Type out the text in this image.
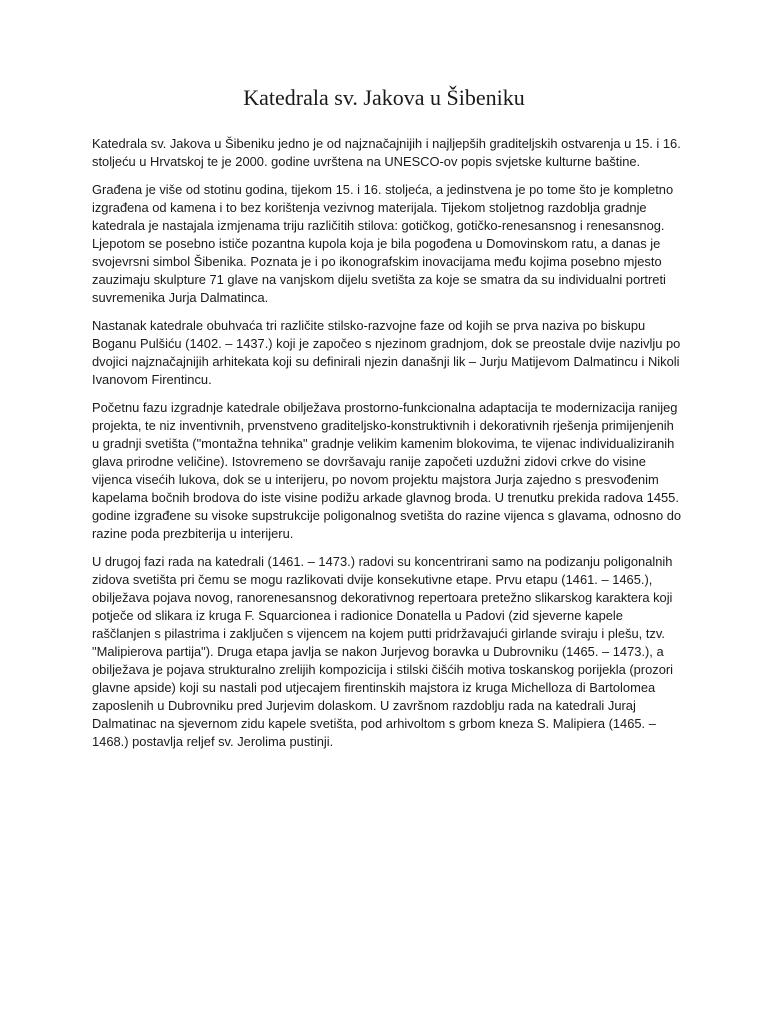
Katedrala sv. Jakova u Šibeniku

Katedrala sv. Jakova u Šibeniku jedno je od najznačajnijih i najljepših graditeljskih ostvarenja u 15. i 16. stoljeću u Hrvatskoj te je 2000. godine uvrštena na UNESCO-ov popis svjetske kulturne baštine.

Građena je više od stotinu godina, tijekom 15. i 16. stoljeća, a jedinstvena je po tome što je kompletno izgrađena od kamena i to bez korištenja vezivnog materijala. Tijekom stoljetnog razdoblja gradnje katedrala je nastajala izmjenama triju različitih stilova: gotičkog, gotičko-renesansnog i renesansnog. Ljepotom se posebno ističe pozantna kupola koja je bila pogođena u Domovinskom ratu, a danas je svojevrsni simbol Šibenika. Poznata je i po ikonografskim inovacijama među kojima posebno mjesto zauzimaju skulpture 71 glave na vanjskom dijelu svetišta za koje se smatra da su individualni portreti suvremenika Jurja Dalmatinca.

Nastanak katedrale obuhvaća tri različite stilsko-razvojne faze od kojih se prva naziva po biskupu Boganu Pulšiću (1402. – 1437.) koji je započeo s njezinom gradnjom, dok se preostale dvije nazivlju po dvojici najznačajnijih arhitekata koji su definirali njezin današnji lik – Jurju Matijevom Dalmatincu i Nikoli Ivanovom Firentincu.

Početnu fazu izgradnje katedrale obilježava prostorno-funkcionalna adaptacija te modernizacija ranijeg projekta, te niz inventivnih, prvenstveno graditeljsko-konstruktivnih i dekorativnih rješenja primijenjenih u gradnji svetišta ("montažna tehnika" gradnje velikim kamenim blokovima, te vijenac individualiziranih glava prirodne veličine). Istovremeno se dovršavaju ranije započeti uzdužni zidovi crkve do visine vijenca visećih lukova, dok se u interijeru, po novom projektu majstora Jurja zajedno s presvođenim kapelama bočnih brodova do iste visine podižu arkade glavnog broda. U trenutku prekida radova 1455. godine izgrađene su visoke supstrukcije poligonalnog svetišta do razine vijenca s glavama, odnosno do razine poda prezbiterija u interijeru.

U drugoj fazi rada na katedrali (1461. – 1473.) radovi su koncentrirani samo na podizanju poligonalnih zidova svetišta pri čemu se mogu razlikovati dvije konsekutivne etape. Prvu etapu (1461. – 1465.), obilježava pojava novog, ranorenesansnog dekorativnog repertoara pretežno slikarskog karaktera koji potječe od slikara iz kruga F. Squarcionea i radionice Donatella u Padovi (zid sjeverne kapele raščlanjen s pilastrima i zaključen s vijencem na kojem putti pridržavajući girlande sviraju i plešu, tzv. "Malipierova partija"). Druga etapa javlja se nakon Jurjevog boravka u Dubrovniku (1465. – 1473.), a obilježava je pojava strukturalno zrelijih kompozicija i stilski čišćih motiva toskanskog porijekla (prozori glavne apside) koji su nastali pod utjecajem firentinskih majstora iz kruga Michelloza di Bartolomea zaposlenih u Dubrovniku pred Jurjevim dolaskom. U završnom razdoblju rada na katedrali Juraj Dalmatinac na sjevernom zidu kapele svetišta, pod arhivoltom s grbom kneza S. Malipiera (1465. – 1468.) postavlja reljef sv. Jerolima pustinji.
